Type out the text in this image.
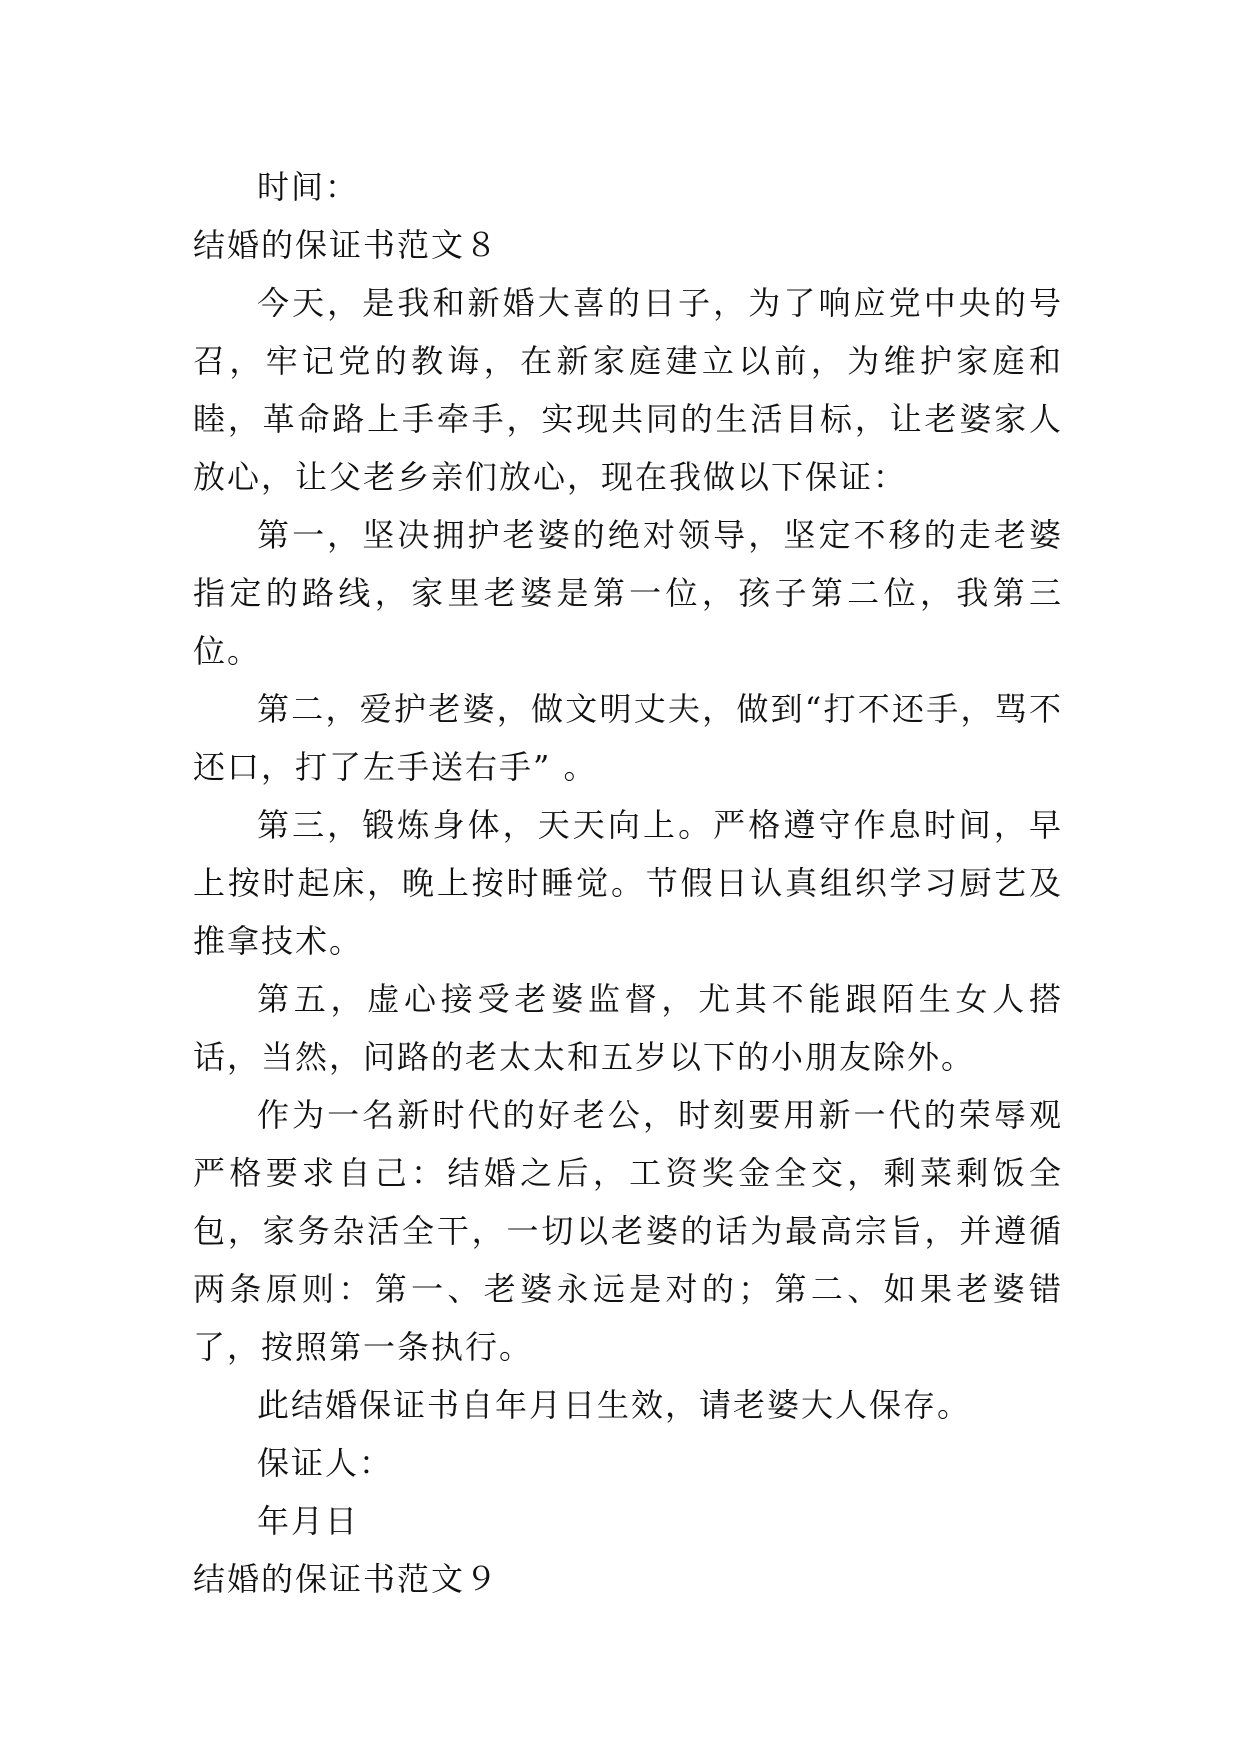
时间：

结婚的保证书范文８

今天，是我和新婚大喜的日子，为了响应党中央的号召，牢记党的教诲，在新家庭建立以前，为维护家庭和睦，革命路上手牵手，实现共同的生活目标，让老婆家人放心，让父老乡亲们放心，现在我做以下保证：

第一，坚决拥护老婆的绝对领导，坚定不移的走老婆指定的路线，家里老婆是第一位，孩子第二位，我第三位。

第二，爱护老婆，做文明丈夫，做到“打不还手，骂不还口，打了左手送右手” 。

第三，锻炼身体，天天向上。严格遵守作息时间，早上按时起床，晚上按时睡觉。节假日认真组织学习厨艺及推拿技术。

第五，虚心接受老婆监督，尤其不能跟陌生女人搭话，当然，问路的老太太和五岁以下的小朋友除外。

作为一名新时代的好老公，时刻要用新一代的荣辱观严格要求自己：结婚之后，工资奖金全交，剩菜剩饭全包，家务杂活全干，一切以老婆的话为最高宗旨，并遵循两条原则：第一、老婆永远是对的；第二、如果老婆错了，按照第一条执行。

此结婚保证书自年月日生效，请老婆大人保存。

保证人：

年月日

结婚的保证书范文９
